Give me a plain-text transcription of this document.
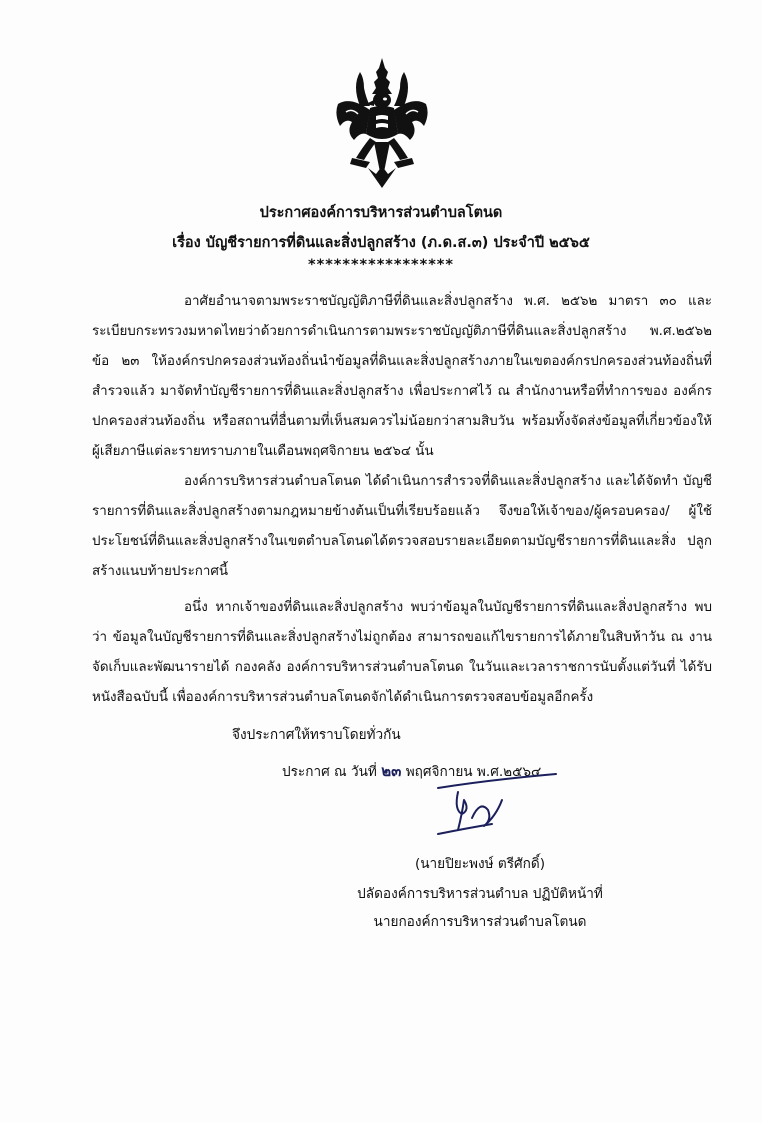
ประกาศองค์การบริหารส่วนตำบลโตนด
เรื่อง บัญชีรายการที่ดินและสิ่งปลูกสร้าง (ภ.ด.ส.๓) ประจำปี ๒๕๖๕
*****************

อาศัยอำนาจตามพระราชบัญญัติภาษีที่ดินและสิ่งปลูกสร้าง พ.ศ. ๒๕๖๒ มาตรา ๓๐ และ ระเบียบกระทรวงมหาดไทยว่าด้วยการดำเนินการตามพระราชบัญญัติภาษีที่ดินและสิ่งปลูกสร้าง พ.ศ.๒๕๖๒ ข้อ ๒๓ ให้องค์กรปกครองส่วนท้องถิ่นนำข้อมูลที่ดินและสิ่งปลูกสร้างภายในเขตองค์กรปกครองส่วนท้องถิ่นที่สำรวจแล้ว มาจัดทำบัญชีรายการที่ดินและสิ่งปลูกสร้าง เพื่อประกาศไว้ ณ สำนักงานหรือที่ทำการของ องค์กรปกครองส่วนท้องถิ่น หรือสถานที่อื่นตามที่เห็นสมควรไม่น้อยกว่าสามสิบวัน พร้อมทั้งจัดส่งข้อมูลที่เกี่ยวข้องให้ผู้เสียภาษีแต่ละรายทราบภายในเดือนพฤศจิกายน ๒๕๖๔ นั้น

องค์การบริหารส่วนตำบลโตนด ได้ดำเนินการสำรวจที่ดินและสิ่งปลูกสร้าง และได้จัดทำ บัญชีรายการที่ดินและสิ่งปลูกสร้างตามกฎหมายข้างต้นเป็นที่เรียบร้อยแล้ว จึงขอให้เจ้าของ/ผู้ครอบครอง/ ผู้ใช้ประโยชน์ที่ดินและสิ่งปลูกสร้างในเขตตำบลโตนดได้ตรวจสอบรายละเอียดตามบัญชีรายการที่ดินและสิ่ง ปลูกสร้างแนบท้ายประกาศนี้

อนึ่ง หากเจ้าของที่ดินและสิ่งปลูกสร้าง พบว่าข้อมูลในบัญชีรายการที่ดินและสิ่งปลูกสร้าง พบว่า ข้อมูลในบัญชีรายการที่ดินและสิ่งปลูกสร้างไม่ถูกต้อง สามารถขอแก้ไขรายการได้ภายในสิบห้าวัน ณ งานจัดเก็บและพัฒนารายได้ กองคลัง องค์การบริหารส่วนตำบลโตนด ในวันและเวลาราชการนับตั้งแต่วันที่ ได้รับหนังสือฉบับนี้ เพื่อองค์การบริหารส่วนตำบลโตนดจักได้ดำเนินการตรวจสอบข้อมูลอีกครั้ง

จึงประกาศให้ทราบโดยทั่วกัน
ประกาศ ณ วันที่ ๒๓ พฤศจิกายน พ.ศ.๒๕๖๔
(นายปิยะพงษ์ ตรีศักดิ์)
ปลัดองค์การบริหารส่วนตำบล ปฏิบัติหน้าที่
นายกองค์การบริหารส่วนตำบลโตนด
